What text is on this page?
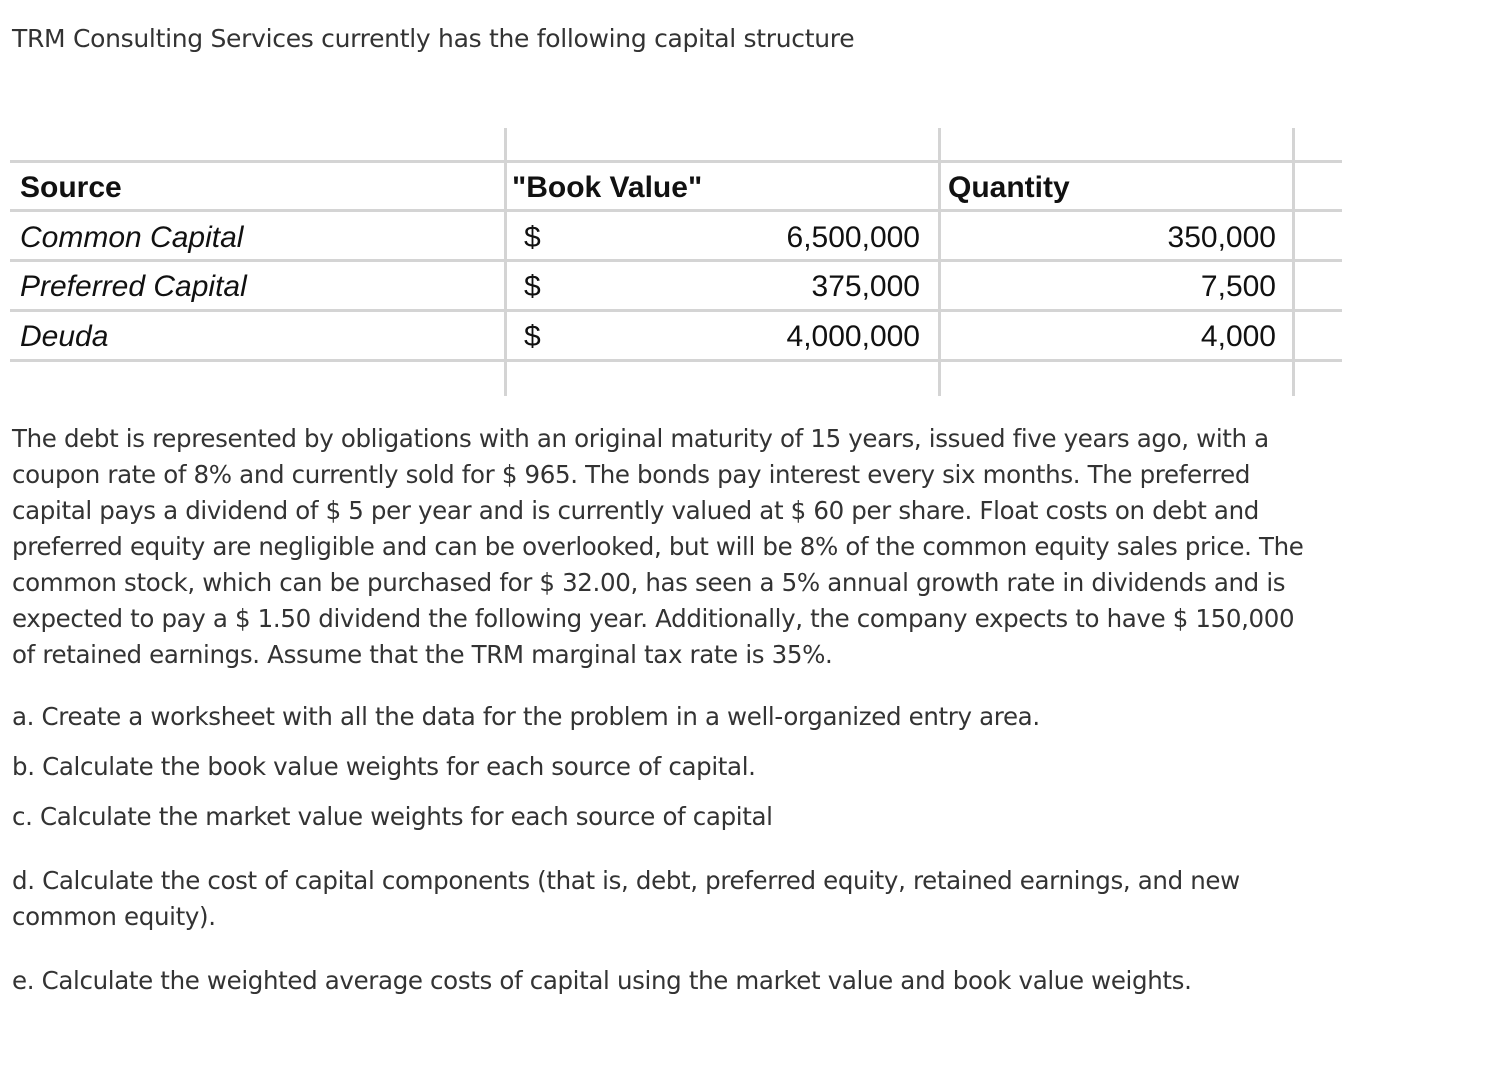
TRM Consulting Services currently has the following capital structure

Source	"Book Value"	Quantity
Common Capital	$	6,500,000	350,000
Preferred Capital	$	375,000	7,500
Deuda	$	4,000,000	4,000

The debt is represented by obligations with an original maturity of 15 years, issued five years ago, with a coupon rate of 8% and currently sold for $ 965. The bonds pay interest every six months. The preferred capital pays a dividend of $ 5 per year and is currently valued at $ 60 per share. Float costs on debt and preferred equity are negligible and can be overlooked, but will be 8% of the common equity sales price. The common stock, which can be purchased for $ 32.00, has seen a 5% annual growth rate in dividends and is expected to pay a $ 1.50 dividend the following year. Additionally, the company expects to have $ 150,000 of retained earnings. Assume that the TRM marginal tax rate is 35%.

a. Create a worksheet with all the data for the problem in a well-organized entry area.

b. Calculate the book value weights for each source of capital.

c. Calculate the market value weights for each source of capital

d. Calculate the cost of capital components (that is, debt, preferred equity, retained earnings, and new common equity).

e. Calculate the weighted average costs of capital using the market value and book value weights.
